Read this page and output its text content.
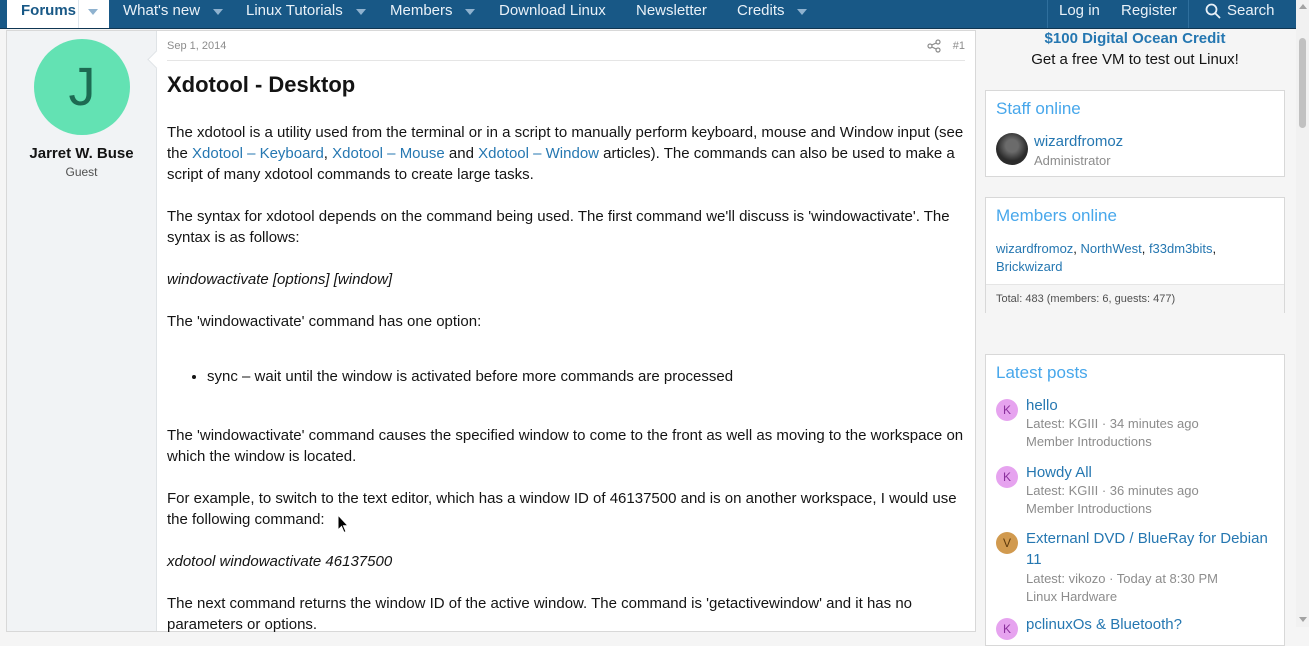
Forums	What's new	Linux Tutorials	Members	Download Linux Newsletter Credits	Log in Register	Search
J
Jarret W. Buse
Guest
Sep 1, 2014	#1
Xdotool - Desktop
The xdotool is a utility used from the terminal or in a script to manually perform keyboard, mouse and Window input (see the Xdotool – Keyboard, Xdotool – Mouse and Xdotool – Window articles). The commands can also be used to make a script of many xdotool commands to create large tasks.
The syntax for xdotool depends on the command being used. The first command we'll discuss is 'windowactivate'. The syntax is as follows:
windowactivate [options] [window]
The 'windowactivate' command has one option:
• sync – wait until the window is activated before more commands are processed
The 'windowactivate' command causes the specified window to come to the front as well as moving to the workspace on which the window is located.
For example, to switch to the text editor, which has a window ID of 46137500 and is on another workspace, I would use the following command:
xdotool windowactivate 46137500
The next command returns the window ID of the active window. The command is 'getactivewindow' and it has no parameters or options.
$100 Digital Ocean Credit
Get a free VM to test out Linux!
Staff online
wizardfromoz
Administrator
Members online
wizardfromoz, NorthWest, f33dm3bits,
Brickwizard
Total: 483 (members: 6, guests: 477)
Latest posts
K	hello
Latest: KGIII · 34 minutes ago
Member Introductions
K	Howdy All
Latest: KGIII · 36 minutes ago
Member Introductions
V	Externanl DVD / BlueRay for Debian 11
Latest: vikozo · Today at 8:30 PM
Linux Hardware
K	pclinuxOs & Bluetooth?
